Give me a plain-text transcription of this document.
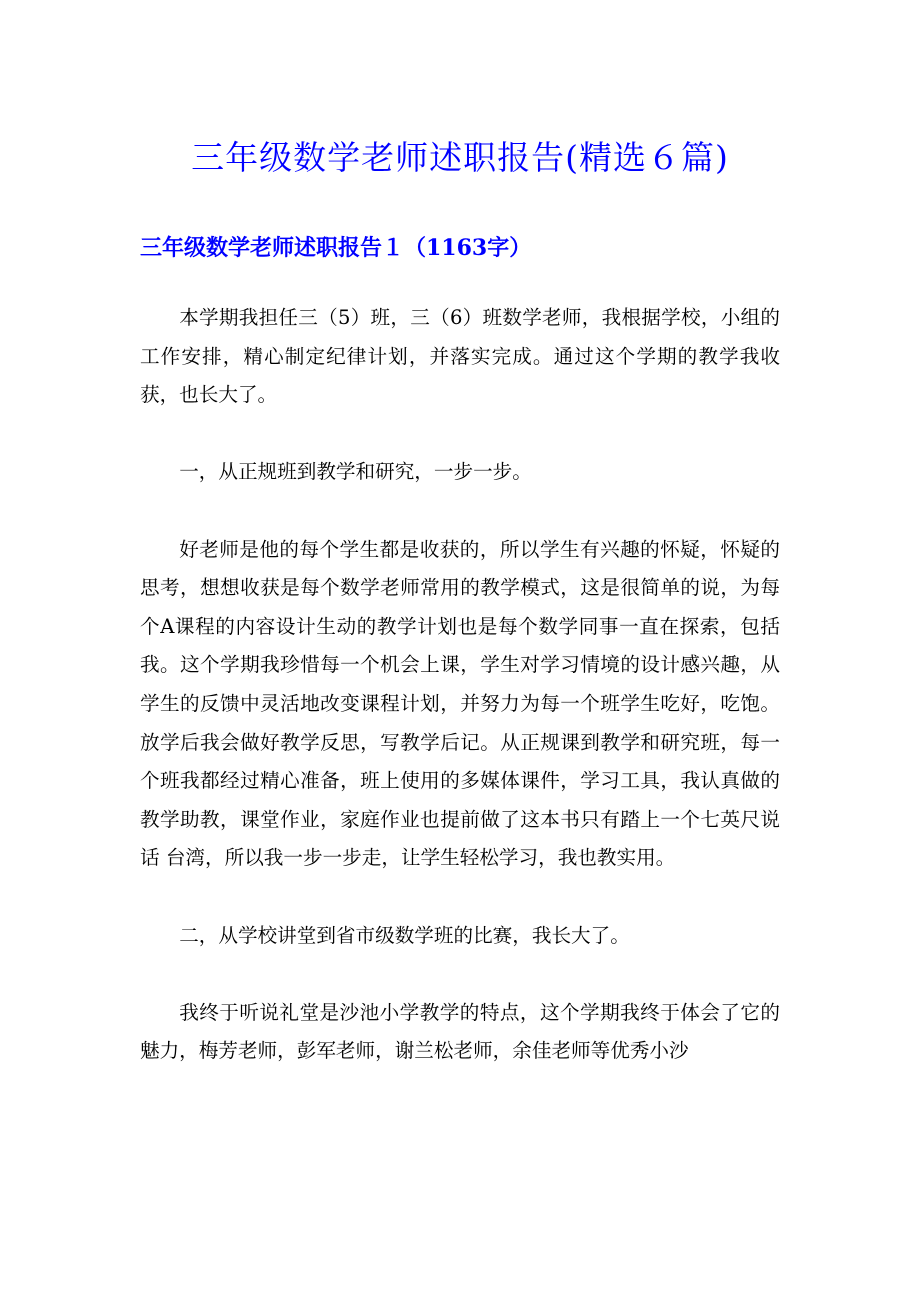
三年级数学老师述职报告(精选６篇)
三年级数学老师述职报告１（1163字）

本学期我担任三（5）班，三（6）班数学老师，我根据学校，小组的工作安排，精心制定纪律计划，并落实完成。通过这个学期的教学我收获，也长大了。

一，从正规班到教学和研究，一步一步。

好老师是他的每个学生都是收获的，所以学生有兴趣的怀疑，怀疑的思考，想想收获是每个数学老师常用的教学模式，这是很简单的说，为每个A课程的内容设计生动的教学计划也是每个数学同事一直在探索，包括我。这个学期我珍惜每一个机会上课，学生对学习情境的设计感兴趣，从学生的反馈中灵活地改变课程计划，并努力为每一个班学生吃好，吃饱。放学后我会做好教学反思，写教学后记。从正规课到教学和研究班，每一个班我都经过精心准备，班上使用的多媒体课件，学习工具，我认真做的教学助教，课堂作业，家庭作业也提前做了这本书只有踏上一个七英尺说话 台湾，所以我一步一步走，让学生轻松学习，我也教实用。

二，从学校讲堂到省市级数学班的比赛，我长大了。

我终于听说礼堂是沙池小学教学的特点，这个学期我终于体会了它的魅力，梅芳老师，彭军老师，谢兰松老师，余佳老师等优秀小沙
